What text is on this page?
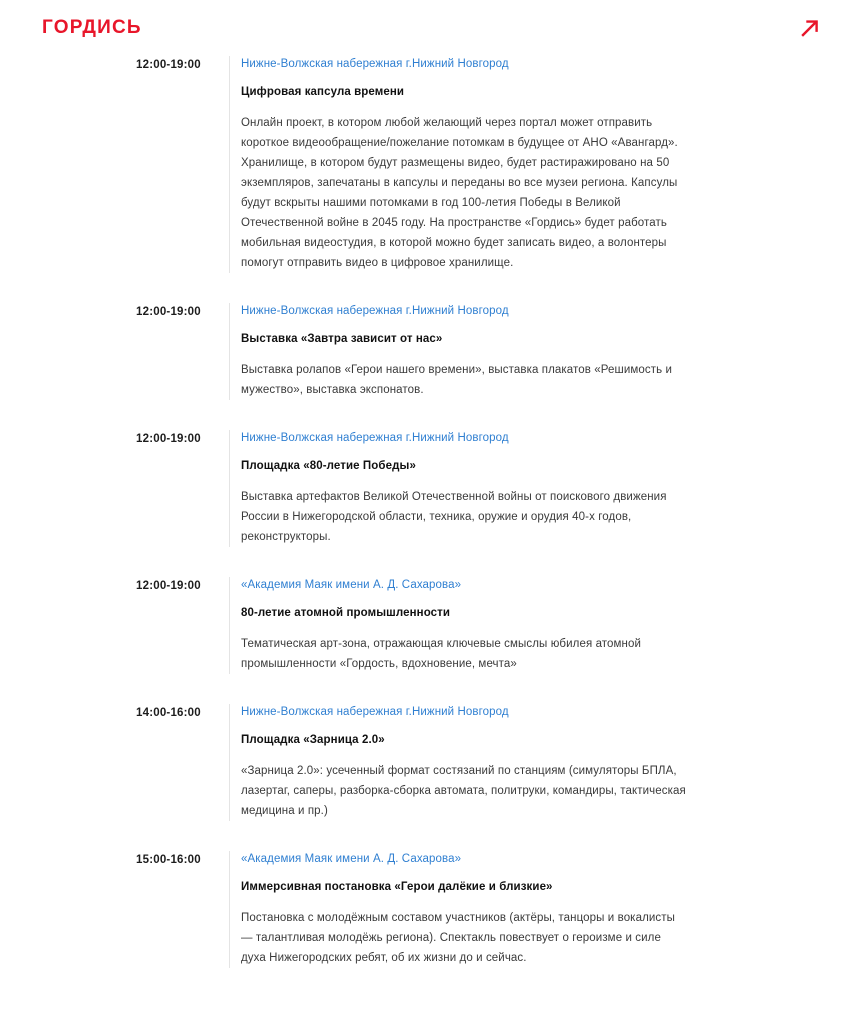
ГОРДИСЬ
12:00-19:00	Нижне-Волжская набережная г.Нижний Новгород
Цифровая капсула времени
Онлайн проект, в котором любой желающий через портал может отправить короткое видеообращение/пожелание потомкам в будущее от АНО «Авангард». Хранилище, в котором будут размещены видео, будет растиражировано на 50 экземпляров, запечатаны в капсулы и переданы во все музеи региона. Капсулы будут вскрыты нашими потомками в год 100-летия Победы в Великой Отечественной войне в 2045 году. На пространстве «Гордись» будет работать мобильная видеостудия, в которой можно будет записать видео, а волонтеры помогут отправить видео в цифровое хранилище.
12:00-19:00	Нижне-Волжская набережная г.Нижний Новгород
Выставка «Завтра зависит от нас»
Выставка ролапов «Герои нашего времени», выставка плакатов «Решимость и мужество», выставка экспонатов.
12:00-19:00	Нижне-Волжская набережная г.Нижний Новгород
Площадка «80-летие Победы»
Выставка артефактов Великой Отечественной войны от поискового движения России в Нижегородской области, техника, оружие и орудия 40-х годов, реконструкторы.
12:00-19:00	«Академия Маяк имени А. Д. Сахарова»
80-летие атомной промышленности
Тематическая арт-зона, отражающая ключевые смыслы юбилея атомной промышленности «Гордость, вдохновение, мечта»
14:00-16:00	Нижне-Волжская набережная г.Нижний Новгород
Площадка «Зарница 2.0»
«Зарница 2.0»: усеченный формат состязаний по станциям (симуляторы БПЛА, лазертаг, саперы, разборка-сборка автомата, политруки, командиры, тактическая медицина и пр.)
15:00-16:00	«Академия Маяк имени А. Д. Сахарова»
Иммерсивная постановка «Герои далёкие и близкие»
Постановка с молодёжным составом участников (актёры, танцоры и вокалисты — талантливая молодёжь региона). Спектакль повествует о героизме и силе духа Нижегородских ребят, об их жизни до и сейчас.
